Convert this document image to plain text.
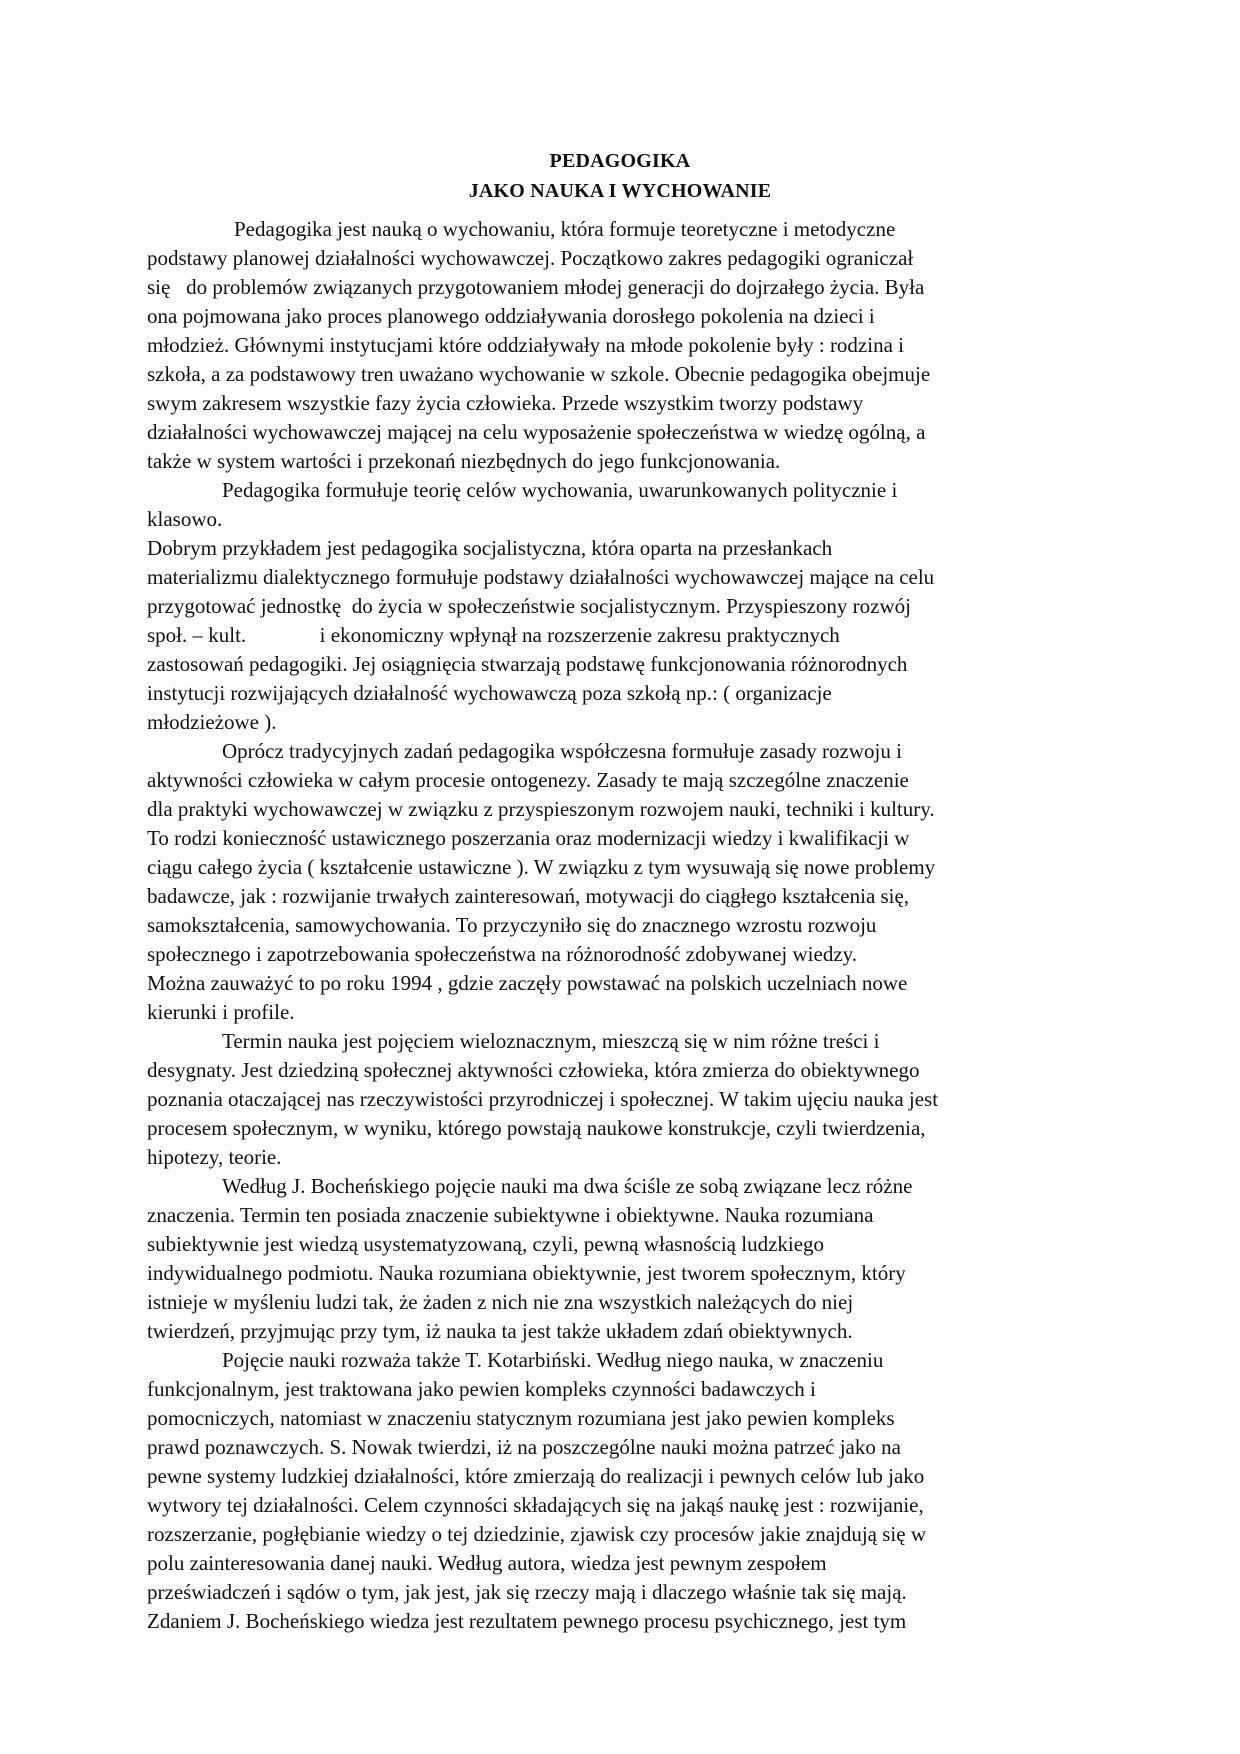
PEDAGOGIKA
JAKO NAUKA I WYCHOWANIE
Pedagogika jest nauką o wychowaniu, która formuje teoretyczne i metodyczne
podstawy planowej działalności wychowawczej. Początkowo zakres pedagogiki ograniczał
się   do problemów związanych przygotowaniem młodej generacji do dojrzałego życia. Była
ona pojmowana jako proces planowego oddziaływania dorosłego pokolenia na dzieci i
młodzież. Głównymi instytucjami które oddziaływały na młode pokolenie były : rodzina i
szkoła, a za podstawowy tren uważano wychowanie w szkole. Obecnie pedagogika obejmuje
swym zakresem wszystkie fazy życia człowieka. Przede wszystkim tworzy podstawy
działalności wychowawczej mającej na celu wyposażenie społeczeństwa w wiedzę ogólną, a
także w system wartości i przekonań niezbędnych do jego funkcjonowania.
Pedagogika formułuje teorię celów wychowania, uwarunkowanych politycznie i
klasowo.
Dobrym przykładem jest pedagogika socjalistyczna, która oparta na przesłankach
materializmu dialektycznego formułuje podstawy działalności wychowawczej mające na celu
przygotować jednostkę  do życia w społeczeństwie socjalistycznym. Przyspieszony rozwój
społ. – kult.              i ekonomiczny wpłynął na rozszerzenie zakresu praktycznych
zastosowań pedagogiki. Jej osiągnięcia stwarzają podstawę funkcjonowania różnorodnych
instytucji rozwijających działalność wychowawczą poza szkołą np.: ( organizacje
młodzieżowe ).
Oprócz tradycyjnych zadań pedagogika współczesna formułuje zasady rozwoju i
aktywności człowieka w całym procesie ontogenezy. Zasady te mają szczególne znaczenie
dla praktyki wychowawczej w związku z przyspieszonym rozwojem nauki, techniki i kultury.
To rodzi konieczność ustawicznego poszerzania oraz modernizacji wiedzy i kwalifikacji w
ciągu całego życia ( kształcenie ustawiczne ). W związku z tym wysuwają się nowe problemy
badawcze, jak : rozwijanie trwałych zainteresowań, motywacji do ciągłego kształcenia się,
samokształcenia, samowychowania. To przyczyniło się do znacznego wzrostu rozwoju
społecznego i zapotrzebowania społeczeństwa na różnorodność zdobywanej wiedzy.
Można zauważyć to po roku 1994 , gdzie zaczęły powstawać na polskich uczelniach nowe
kierunki i profile.
Termin nauka jest pojęciem wieloznacznym, mieszczą się w nim różne treści i
desygnaty. Jest dziedziną społecznej aktywności człowieka, która zmierza do obiektywnego
poznania otaczającej nas rzeczywistości przyrodniczej i społecznej. W takim ujęciu nauka jest
procesem społecznym, w wyniku, którego powstają naukowe konstrukcje, czyli twierdzenia,
hipotezy, teorie.
Według J. Bocheńskiego pojęcie nauki ma dwa ściśle ze sobą związane lecz różne
znaczenia. Termin ten posiada znaczenie subiektywne i obiektywne. Nauka rozumiana
subiektywnie jest wiedzą usystematyzowaną, czyli, pewną własnością ludzkiego
indywidualnego podmiotu. Nauka rozumiana obiektywnie, jest tworem społecznym, który
istnieje w myśleniu ludzi tak, że żaden z nich nie zna wszystkich należących do niej
twierdzeń, przyjmując przy tym, iż nauka ta jest także układem zdań obiektywnych.
Pojęcie nauki rozważa także T. Kotarbiński. Według niego nauka, w znaczeniu
funkcjonalnym, jest traktowana jako pewien kompleks czynności badawczych i
pomocniczych, natomiast w znaczeniu statycznym rozumiana jest jako pewien kompleks
prawd poznawczych. S. Nowak twierdzi, iż na poszczególne nauki można patrzeć jako na
pewne systemy ludzkiej działalności, które zmierzają do realizacji i pewnych celów lub jako
wytwory tej działalności. Celem czynności składających się na jakąś naukę jest : rozwijanie,
rozszerzanie, pogłębianie wiedzy o tej dziedzinie, zjawisk czy procesów jakie znajdują się w
polu zainteresowania danej nauki. Według autora, wiedza jest pewnym zespołem
przeświadczeń i sądów o tym, jak jest, jak się rzeczy mają i dlaczego właśnie tak się mają.
Zdaniem J. Bocheńskiego wiedza jest rezultatem pewnego procesu psychicznego, jest tym
